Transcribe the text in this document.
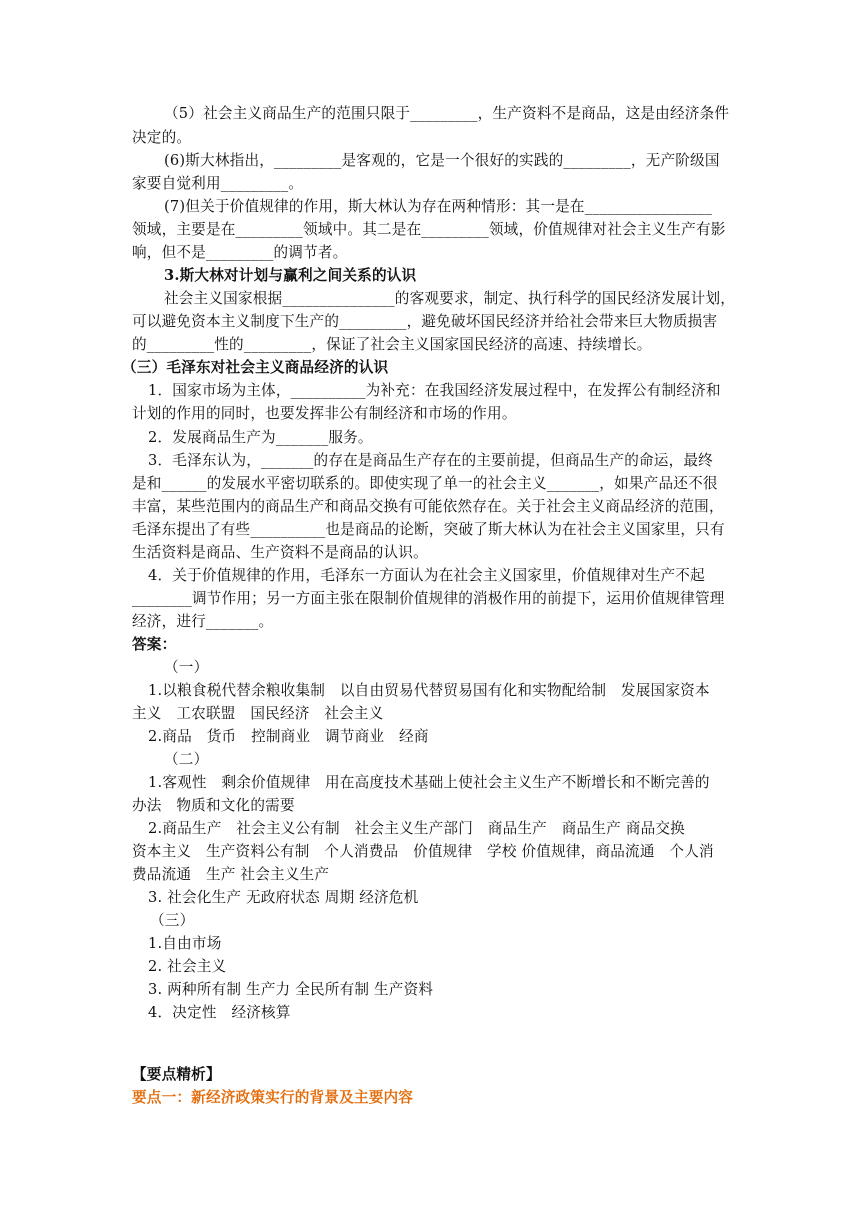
（5）社会主义商品生产的范围只限于_________，生产资料不是商品，这是由经济条件
决定的。
(6)斯大林指出，_________是客观的，它是一个很好的实践的_________，无产阶级国
家要自觉利用_________。
(7)但关于价值规律的作用，斯大林认为存在两种情形：其一是在_________________
领域，主要是在_________领域中。其二是在_________领域，价值规律对社会主义生产有影
响，但不是_________的调节者。
3.斯大林对计划与赢利之间关系的认识
社会主义国家根据_______________的客观要求，制定、执行科学的国民经济发展计划，
可以避免资本主义制度下生产的_________，避免破坏国民经济并给社会带来巨大物质损害
的_________性的_________，保证了社会主义国家国民经济的高速、持续增长。
（三）毛泽东对社会主义商品经济的认识
1．国家市场为主体，__________为补充：在我国经济发展过程中，在发挥公有制经济和
计划的作用的同时，也要发挥非公有制经济和市场的作用。
2．发展商品生产为_______服务。
3．毛泽东认为，_______的存在是商品生产存在的主要前提，但商品生产的命运，最终
是和______的发展水平密切联系的。即使实现了单一的社会主义_______，如果产品还不很
丰富，某些范围内的商品生产和商品交换有可能依然存在。关于社会主义商品经济的范围，
毛泽东提出了有些__________也是商品的论断，突破了斯大林认为在社会主义国家里，只有
生活资料是商品、生产资料不是商品的认识。
4．关于价值规律的作用，毛泽东一方面认为在社会主义国家里，价值规律对生产不起
________调节作用；另一方面主张在限制价值规律的消极作用的前提下，运用价值规律管理
经济，进行_______。
答案：
（一）
1.以粮食税代替余粮收集制　以自由贸易代替贸易国有化和实物配给制　发展国家资本
主义　工农联盟　国民经济　社会主义
2.商品　货币　控制商业　调节商业　经商
（二）
1.客观性　剩余价值规律　用在高度技术基础上使社会主义生产不断增长和不断完善的
办法　物质和文化的需要
2.商品生产　社会主义公有制　社会主义生产部门　商品生产　商品生产 商品交换
资本主义　生产资料公有制　个人消费品　价值规律　学校 价值规律，商品流通　个人消
费品流通　生产 社会主义生产
3. 社会化生产 无政府状态 周期 经济危机
（三）
1.自由市场
2. 社会主义
3. 两种所有制 生产力 全民所有制 生产资料
4．决定性　经济核算
【要点精析】
要点一：新经济政策实行的背景及主要内容
